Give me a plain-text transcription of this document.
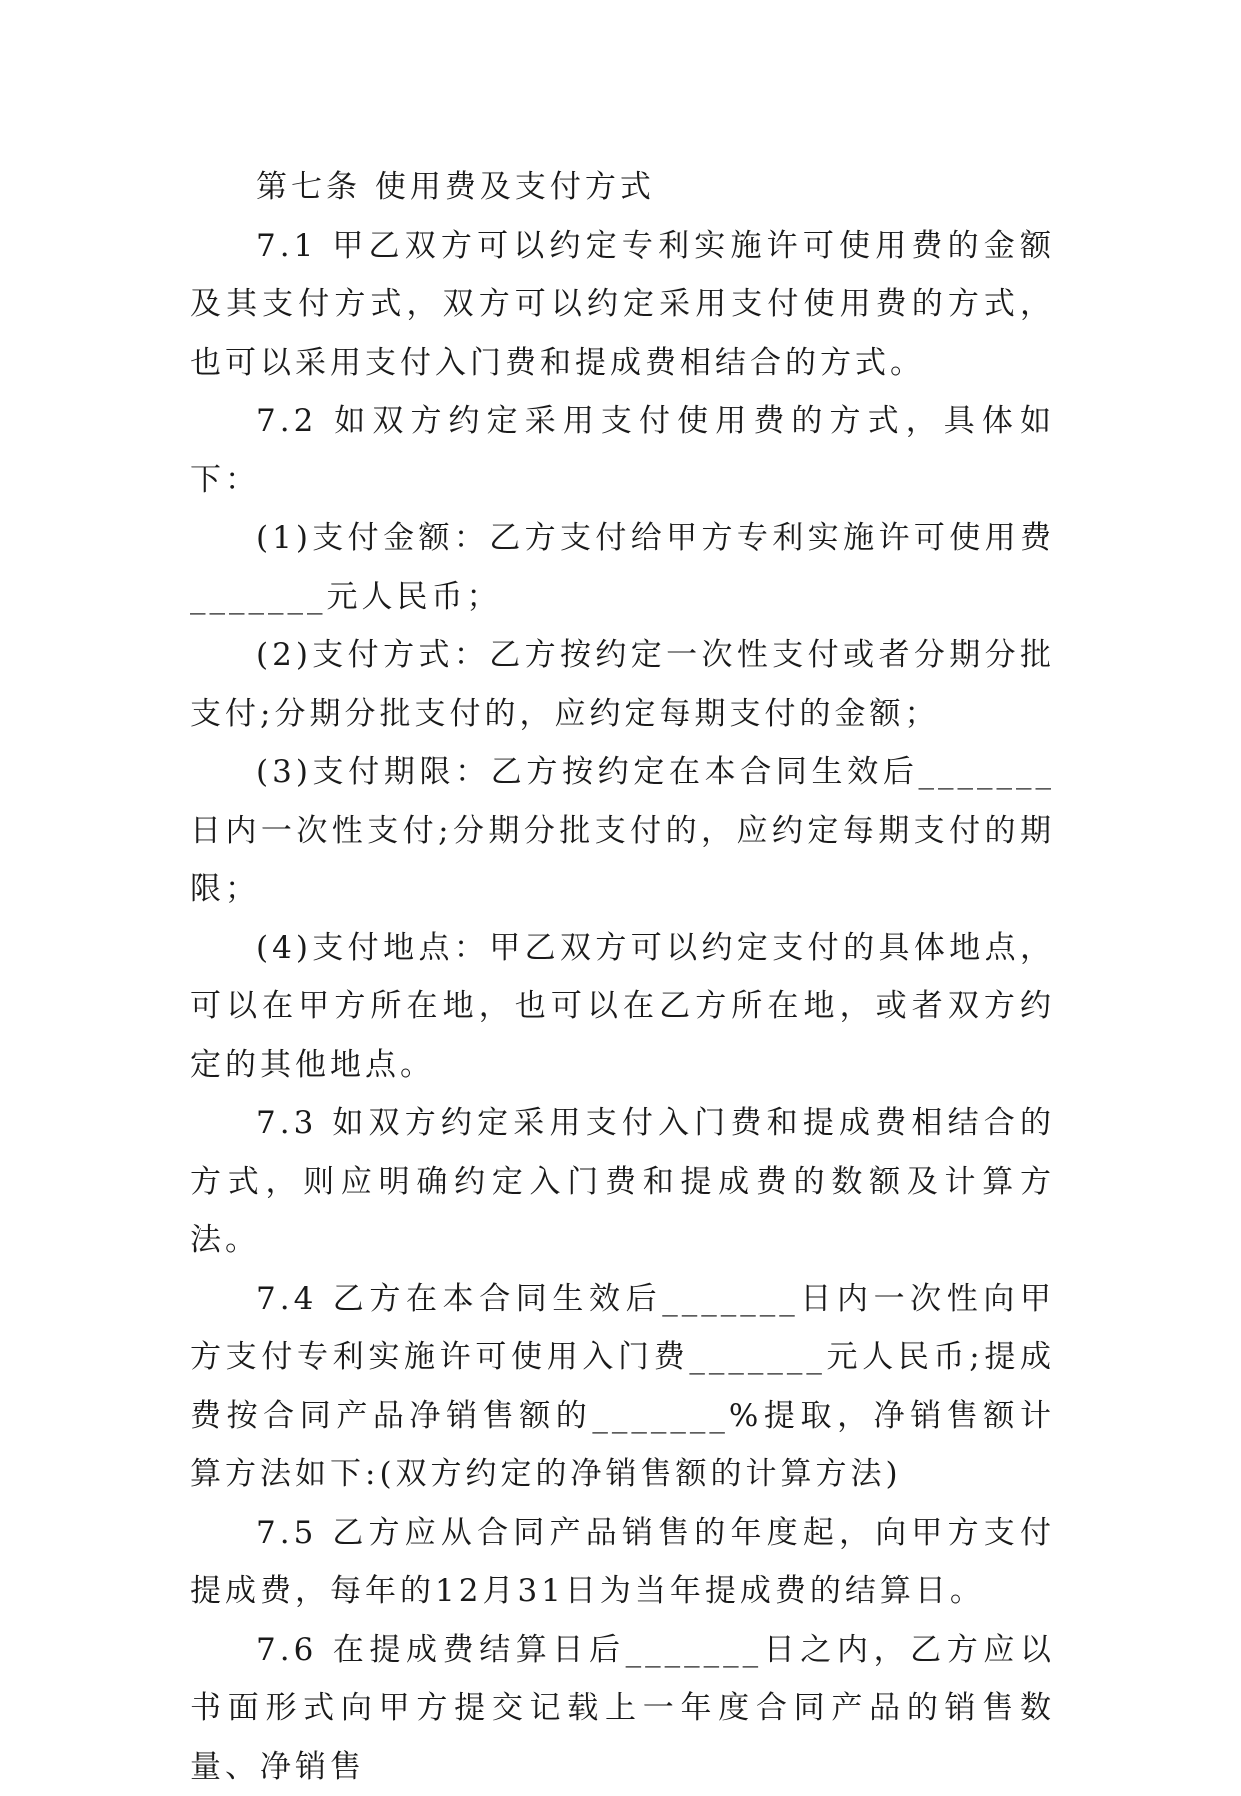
第七条 使用费及支付方式

7.1 甲乙双方可以约定专利实施许可使用费的金额及其支付方式，双方可以约定采用支付使用费的方式，也可以采用支付入门费和提成费相结合的方式。

7.2 如双方约定采用支付使用费的方式，具体如下：

(1)支付金额：乙方支付给甲方专利实施许可使用费_______元人民币；

(2)支付方式：乙方按约定一次性支付或者分期分批支付;分期分批支付的，应约定每期支付的金额；

(3)支付期限：乙方按约定在本合同生效后_______日内一次性支付;分期分批支付的，应约定每期支付的期限；

(4)支付地点：甲乙双方可以约定支付的具体地点，可以在甲方所在地，也可以在乙方所在地，或者双方约定的其他地点。

7.3 如双方约定采用支付入门费和提成费相结合的方式，则应明确约定入门费和提成费的数额及计算方法。

7.4 乙方在本合同生效后_______日内一次性向甲方支付专利实施许可使用入门费_______元人民币;提成费按合同产品净销售额的_______%提取，净销售额计算方法如下:(双方约定的净销售额的计算方法)

7.5 乙方应从合同产品销售的年度起，向甲方支付提成费，每年的12月31日为当年提成费的结算日。

7.6 在提成费结算日后_______日之内，乙方应以书面形式向甲方提交记载上一年度合同产品的销售数量、净销售
